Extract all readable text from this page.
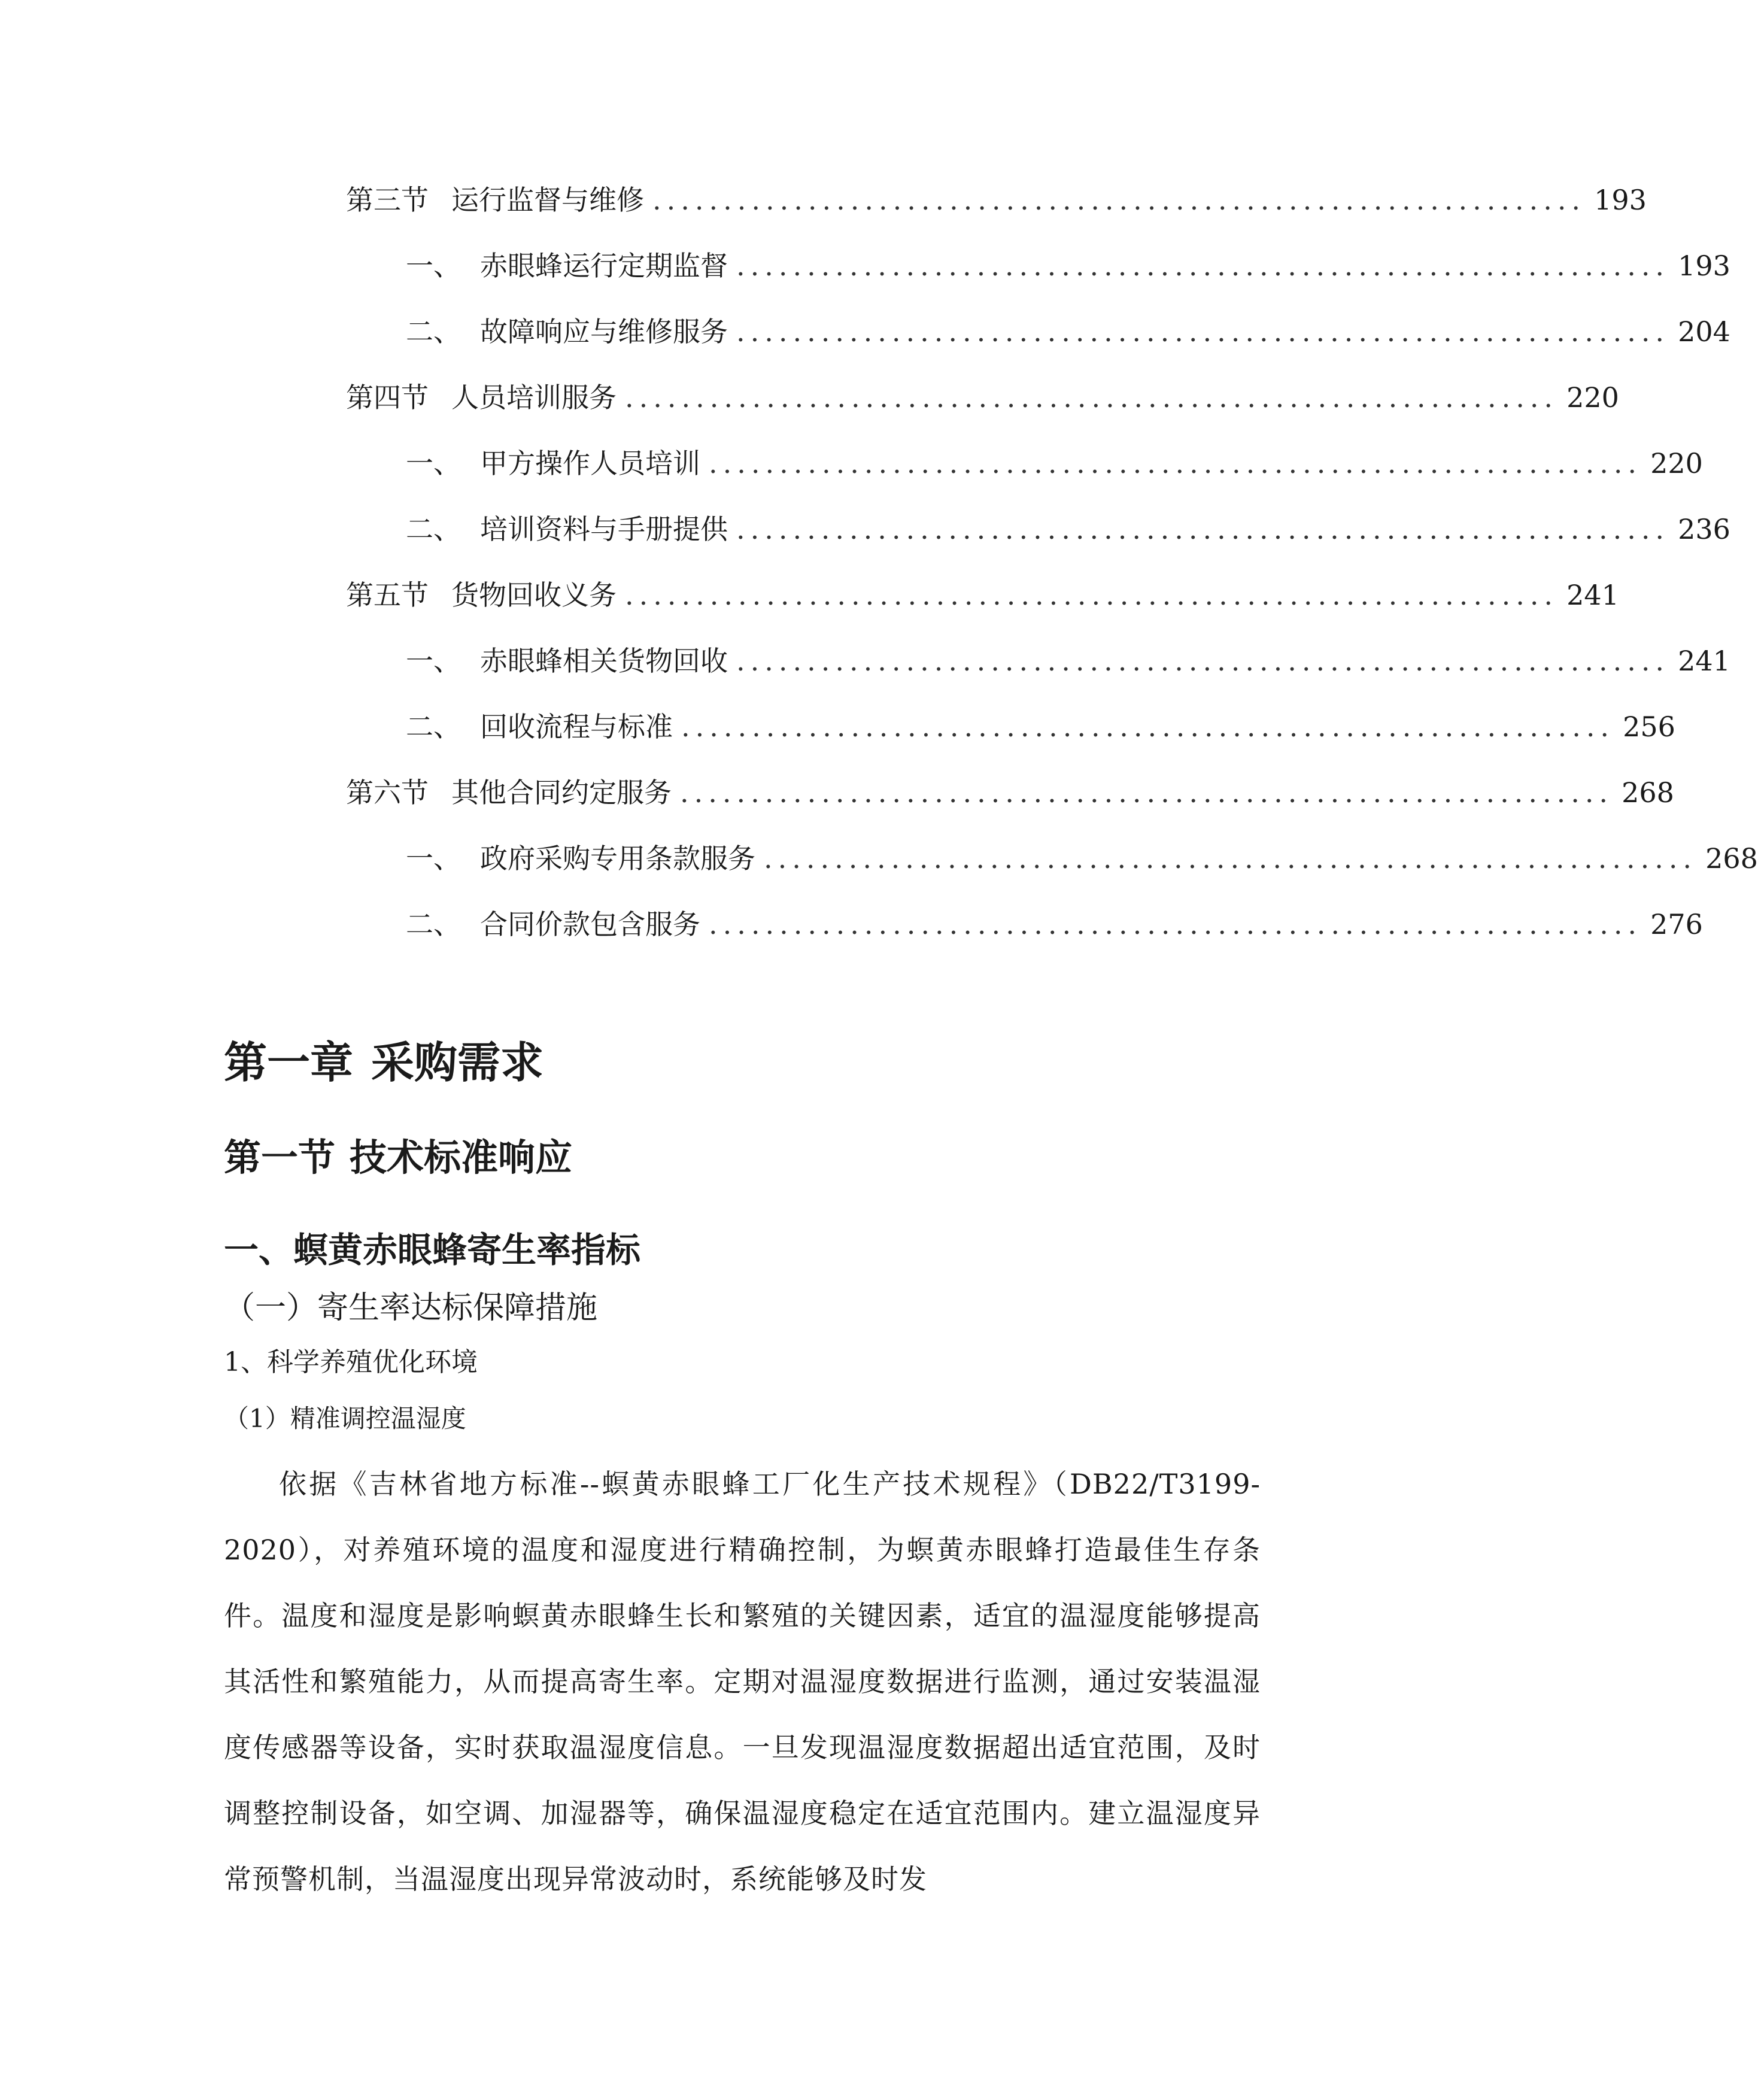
第三节 运行监督与维修 .................................................................. 193
一、 赤眼蜂运行定期监督 .................................................................. 193
二、 故障响应与维修服务 .................................................................. 204
第四节 人员培训服务 .................................................................. 220
一、 甲方操作人员培训 .................................................................. 220
二、 培训资料与手册提供 .................................................................. 236
第五节 货物回收义务 .................................................................. 241
一、 赤眼蜂相关货物回收 .................................................................. 241
二、 回收流程与标准 .................................................................. 256
第六节 其他合同约定服务 .................................................................. 268
一、 政府采购专用条款服务 .................................................................. 268
二、 合同价款包含服务 .................................................................. 276
第一章 采购需求
第一节 技术标准响应
一、螟黄赤眼蜂寄生率指标
（一）寄生率达标保障措施
1、科学养殖优化环境
（1）精准调控温湿度
依据《吉林省地方标准--螟黄赤眼蜂工厂化生产技术规程》（DB22/T3199-2020），对养殖环境的温度和湿度进行精确控制，为螟黄赤眼蜂打造最佳生存条件。温度和湿度是影响螟黄赤眼蜂生长和繁殖的关键因素，适宜的温湿度能够提高其活性和繁殖能力，从而提高寄生率。定期对温湿度数据进行监测，通过安装温湿度传感器等设备，实时获取温湿度信息。一旦发现温湿度数据超出适宜范围，及时调整控制设备，如空调、加湿器等，确保温湿度稳定在适宜范围内。建立温湿度异常预警机制，当温湿度出现异常波动时，系统能够及时发
